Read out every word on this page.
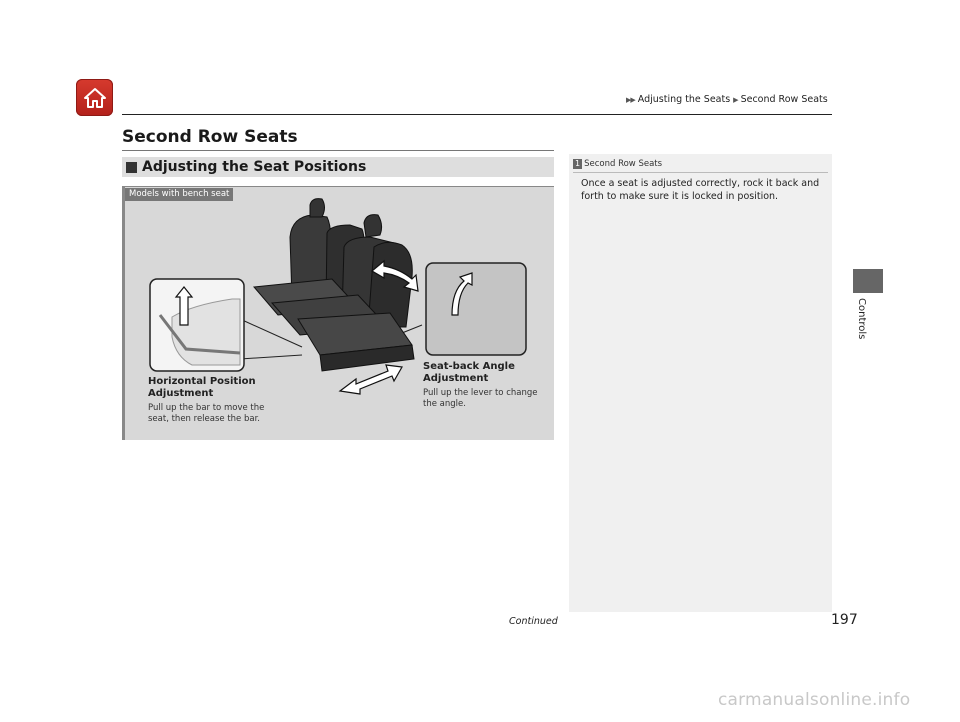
▶▶ Adjusting the Seats ▶ Second Row Seats
Second Row Seats
Adjusting the Seat Positions
Models with bench seat
Horizontal Position
Adjustment
Pull up the bar to move the
seat, then release the bar.
Seat-back Angle
Adjustment
Pull up the lever to change
the angle.
1 Second Row Seats
Once a seat is adjusted correctly, rock it back and forth to make sure it is locked in position.
Controls
Continued	197
carmanualsonline.info
